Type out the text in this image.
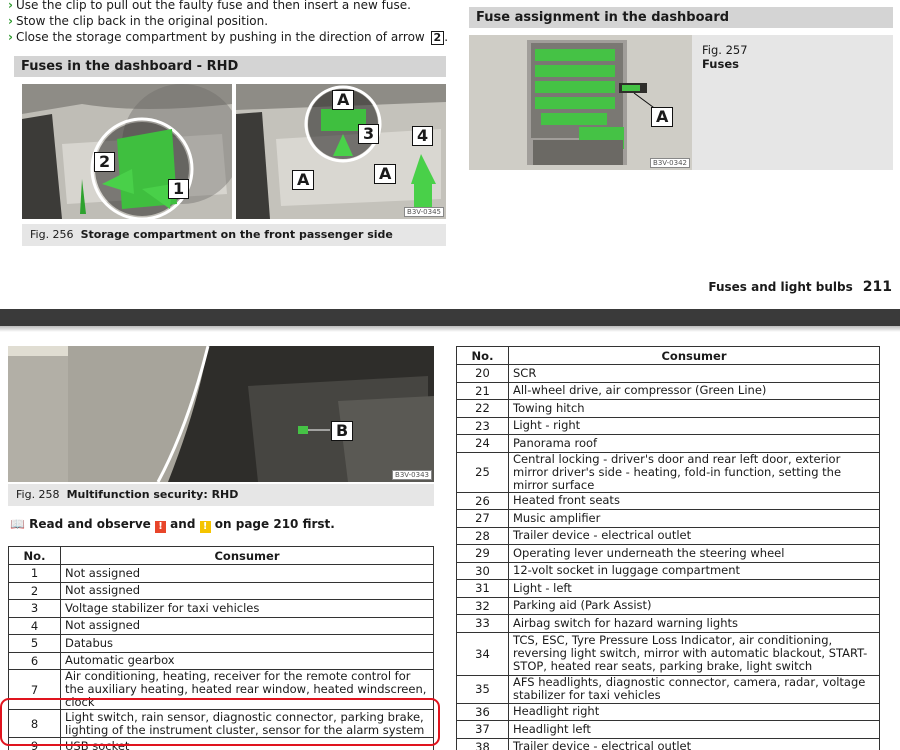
› Use the clip to pull out the faulty fuse and then insert a new fuse.
› Stow the clip back in the original position.
› Close the storage compartment by pushing in the direction of arrow 2 .
Fuses in the dashboard - RHD
2
1
A
3	4
A	A
B3V-0345
Fig. 256 Storage compartment on the front passenger side
Fuse assignment in the dashboard
A
B3V-0342
Fig. 257
Fuses
Fuses and light bulbs 211
B
B3V-0343
Fig. 258 Multifunction security: RHD
📖 Read and observe ! and ! on page 210 first.
No.	Consumer
1	Not assigned
2	Not assigned
3	Voltage stabilizer for taxi vehicles
4	Not assigned
5	Databus
6	Automatic gearbox
7	Air conditioning, heating, receiver for the remote control for the auxiliary heating, heated rear window, heated windscreen, clock
8	Light switch, rain sensor, diagnostic connector, parking brake, lighting of the instrument cluster, sensor for the alarm system
9	USB socket
No.	Consumer
20	SCR
21	All-wheel drive, air compressor (Green Line)
22	Towing hitch
23	Light - right
24	Panorama roof
25	Central locking - driver's door and rear left door, exterior mirror driver's side - heating, fold-in function, setting the mirror surface
26	Heated front seats
27	Music amplifier
28	Trailer device - electrical outlet
29	Operating lever underneath the steering wheel
30	12-volt socket in luggage compartment
31	Light - left
32	Parking aid (Park Assist)
33	Airbag switch for hazard warning lights
34	TCS, ESC, Tyre Pressure Loss Indicator, air conditioning, reversing light switch, mirror with automatic blackout, START-STOP, heated rear seats, parking brake, light switch
35	AFS headlights, diagnostic connector, camera, radar, voltage stabilizer for taxi vehicles
36	Headlight right
37	Headlight left
38	Trailer device - electrical outlet
